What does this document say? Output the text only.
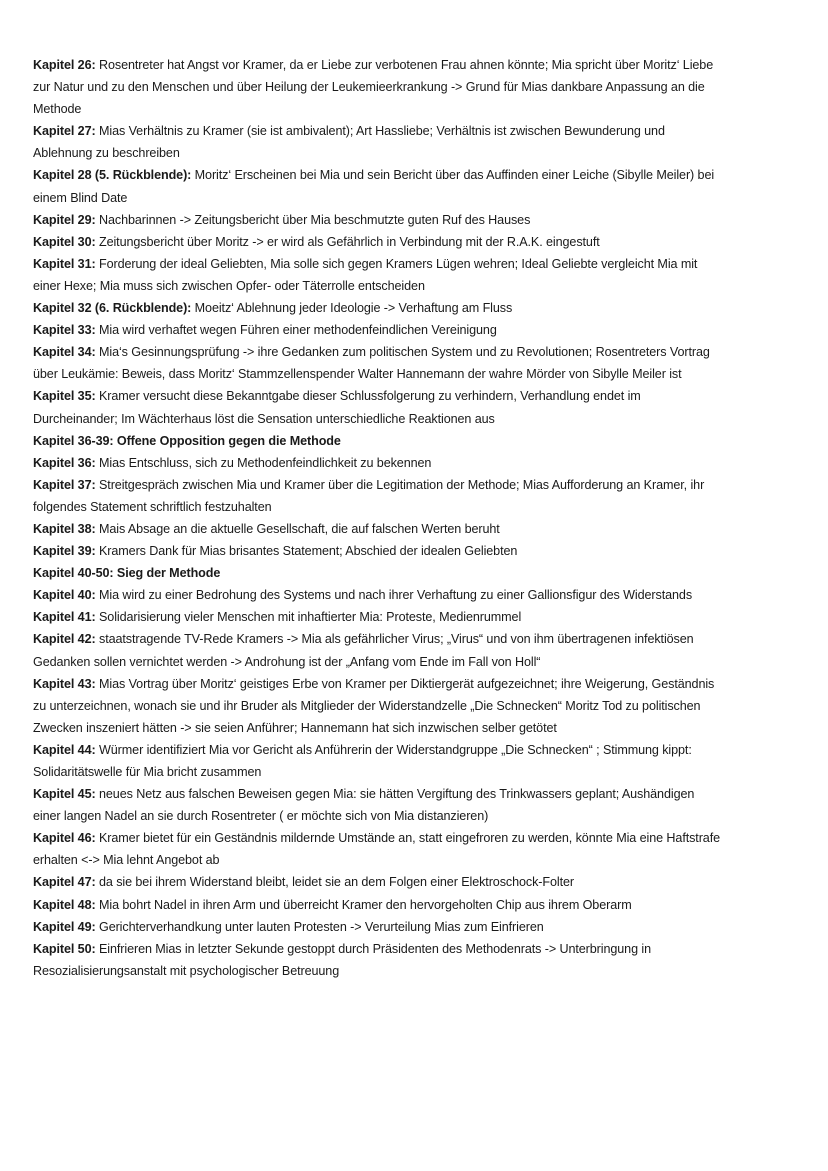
Kapitel 26: Rosentreter hat Angst vor Kramer, da er Liebe zur verbotenen Frau ahnen könnte; Mia spricht über Moritz‘ Liebe
zur Natur und zu den Menschen und über Heilung der Leukemieerkrankung -> Grund für Mias dankbare Anpassung an die
Methode
Kapitel 27: Mias Verhältnis zu Kramer (sie ist ambivalent); Art Hassliebe; Verhältnis ist zwischen Bewunderung und
Ablehnung zu beschreiben
Kapitel 28 (5. Rückblende): Moritz‘ Erscheinen bei Mia und sein Bericht über das Auffinden einer Leiche (Sibylle Meiler) bei
einem Blind Date
Kapitel 29: Nachbarinnen -> Zeitungsbericht über Mia beschmutzte guten Ruf des Hauses
Kapitel 30: Zeitungsbericht über Moritz -> er wird als Gefährlich in Verbindung mit der R.A.K. eingestuft
Kapitel 31: Forderung der ideal Geliebten, Mia solle sich gegen Kramers Lügen wehren; Ideal Geliebte vergleicht Mia mit
einer Hexe; Mia muss sich zwischen Opfer- oder Täterrolle entscheiden
Kapitel 32 (6. Rückblende): Moeitz‘ Ablehnung jeder Ideologie -> Verhaftung am Fluss
Kapitel 33: Mia wird verhaftet wegen Führen einer methodenfeindlichen Vereinigung
Kapitel 34: Mia‘s Gesinnungsprüfung -> ihre Gedanken zum politischen System und zu Revolutionen; Rosentreters Vortrag
über Leukämie: Beweis, dass Moritz‘ Stammzellenspender Walter Hannemann der wahre Mörder von Sibylle Meiler ist
Kapitel 35: Kramer versucht diese Bekanntgabe dieser Schlussfolgerung zu verhindern, Verhandlung endet im
Durcheinander; Im Wächterhaus löst die Sensation unterschiedliche Reaktionen aus
Kapitel 36-39: Offene Opposition gegen die Methode
Kapitel 36: Mias Entschluss, sich zu Methodenfeindlichkeit zu bekennen
Kapitel 37: Streitgespräch zwischen Mia und Kramer über die Legitimation der Methode; Mias Aufforderung an Kramer, ihr
folgendes Statement schriftlich festzuhalten
Kapitel 38: Mais Absage an die aktuelle Gesellschaft, die auf falschen Werten beruht
Kapitel 39: Kramers Dank für Mias brisantes Statement; Abschied der idealen Geliebten
Kapitel 40-50: Sieg der Methode
Kapitel 40: Mia wird zu einer Bedrohung des Systems und nach ihrer Verhaftung zu einer Gallionsfigur des Widerstands
Kapitel 41: Solidarisierung vieler Menschen mit inhaftierter Mia: Proteste, Medienrummel
Kapitel 42: staatstragende TV-Rede Kramers -> Mia als gefährlicher Virus; „Virus“ und von ihm übertragenen infektiösen
Gedanken sollen vernichtet werden -> Androhung ist der „Anfang vom Ende im Fall von Holl“
Kapitel 43: Mias Vortrag über Moritz‘ geistiges Erbe von Kramer per Diktiergerät aufgezeichnet; ihre Weigerung, Geständnis
zu unterzeichnen, wonach sie und ihr Bruder als Mitglieder der Widerstandzelle „Die Schnecken“ Moritz Tod zu politischen
Zwecken inszeniert hätten -> sie seien Anführer; Hannemann hat sich inzwischen selber getötet
Kapitel 44: Würmer identifiziert Mia vor Gericht als Anführerin der Widerstandgruppe „Die Schnecken“ ; Stimmung kippt:
Solidaritätswelle für Mia bricht zusammen
Kapitel 45: neues Netz aus falschen Beweisen gegen Mia: sie hätten Vergiftung des Trinkwassers geplant; Aushändigen
einer langen Nadel an sie durch Rosentreter ( er möchte sich von Mia distanzieren)
Kapitel 46: Kramer bietet für ein Geständnis mildernde Umstände an, statt eingefroren zu werden, könnte Mia eine Haftstrafe
erhalten <-> Mia lehnt Angebot ab
Kapitel 47: da sie bei ihrem Widerstand bleibt, leidet sie an dem Folgen einer Elektroschock-Folter
Kapitel 48: Mia bohrt Nadel in ihren Arm und überreicht Kramer den hervorgeholten Chip aus ihrem Oberarm
Kapitel 49: Gerichterverhandkung unter lauten Protesten -> Verurteilung Mias zum Einfrieren
Kapitel 50: Einfrieren Mias in letzter Sekunde gestoppt durch Präsidenten des Methodenrats -> Unterbringung in
Resozialisierungsanstalt mit psychologischer Betreuung
